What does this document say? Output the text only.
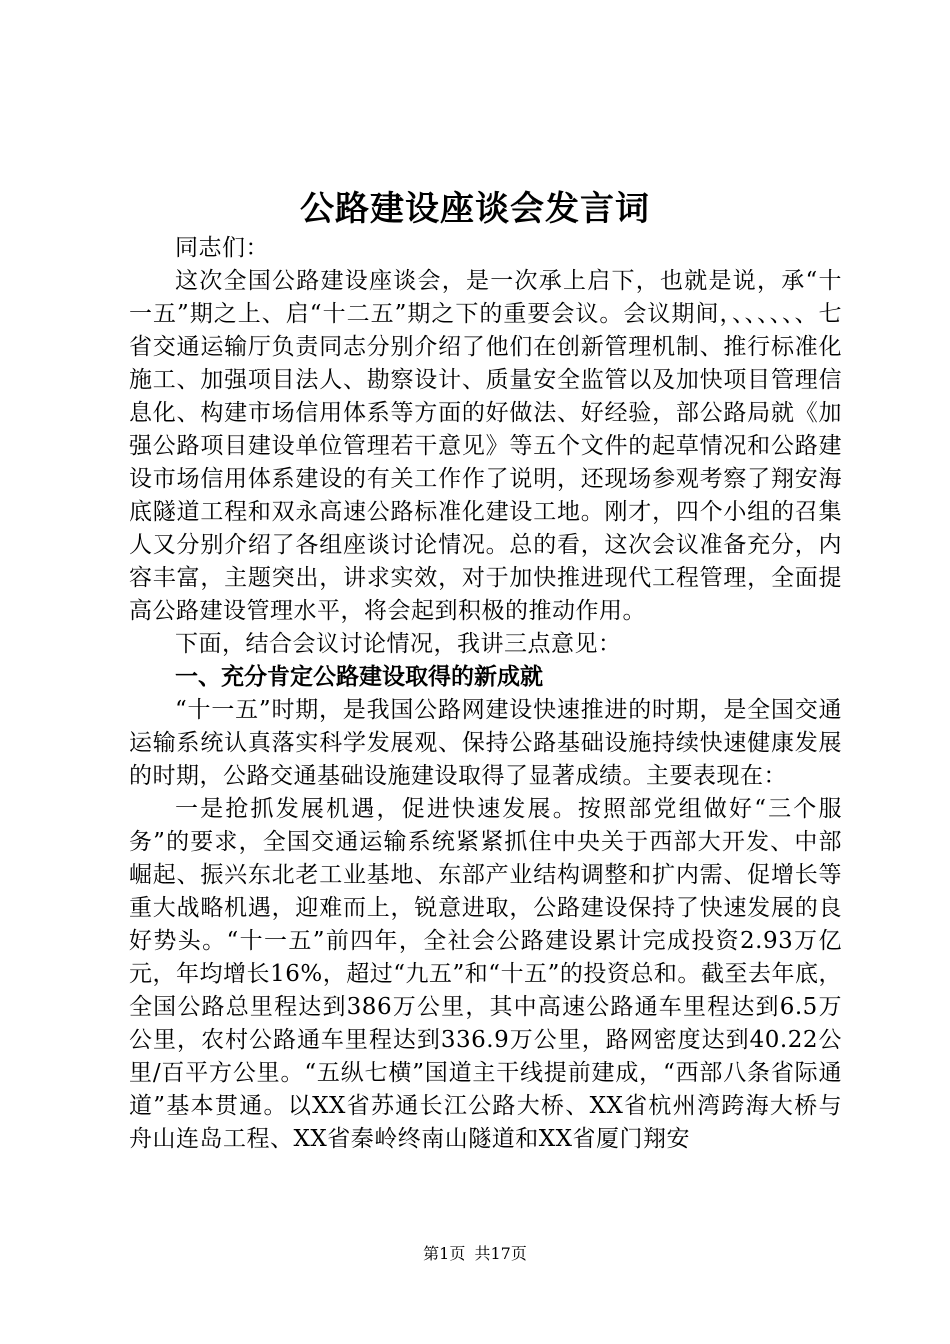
公路建设座谈会发言词

同志们：

这次全国公路建设座谈会，是一次承上启下，也就是说，承“十一五”期之上、启“十二五”期之下的重要会议。会议期间，、、、、、、七省交通运输厅负责同志分别介绍了他们在创新管理机制、推行标准化施工、加强项目法人、勘察设计、质量安全监管以及加快项目管理信息化、构建市场信用体系等方面的好做法、好经验，部公路局就《加强公路项目建设单位管理若干意见》等五个文件的起草情况和公路建设市场信用体系建设的有关工作作了说明，还现场参观考察了翔安海底隧道工程和双永高速公路标准化建设工地。刚才，四个小组的召集人又分别介绍了各组座谈讨论情况。总的看，这次会议准备充分，内容丰富，主题突出，讲求实效，对于加快推进现代工程管理，全面提高公路建设管理水平，将会起到积极的推动作用。

下面，结合会议讨论情况，我讲三点意见：

一、充分肯定公路建设取得的新成就

“十一五”时期，是我国公路网建设快速推进的时期，是全国交通运输系统认真落实科学发展观、保持公路基础设施持续快速健康发展的时期，公路交通基础设施建设取得了显著成绩。主要表现在：

一是抢抓发展机遇，促进快速发展。按照部党组做好“三个服务”的要求，全国交通运输系统紧紧抓住中央关于西部大开发、中部崛起、振兴东北老工业基地、东部产业结构调整和扩内需、促增长等重大战略机遇，迎难而上，锐意进取，公路建设保持了快速发展的良好势头。“十一五”前四年，全社会公路建设累计完成投资2.93万亿元，年均增长16%，超过“九五”和“十五”的投资总和。截至去年底，全国公路总里程达到386万公里，其中高速公路通车里程达到6.5万公里，农村公路通车里程达到336.9万公里，路网密度达到40.22公里/百平方公里。“五纵七横”国道主干线提前建成，“西部八条省际通道”基本贯通。以XX省苏通长江公路大桥、XX省杭州湾跨海大桥与舟山连岛工程、XX省秦岭终南山隧道和XX省厦门翔安

第1页 共17页
